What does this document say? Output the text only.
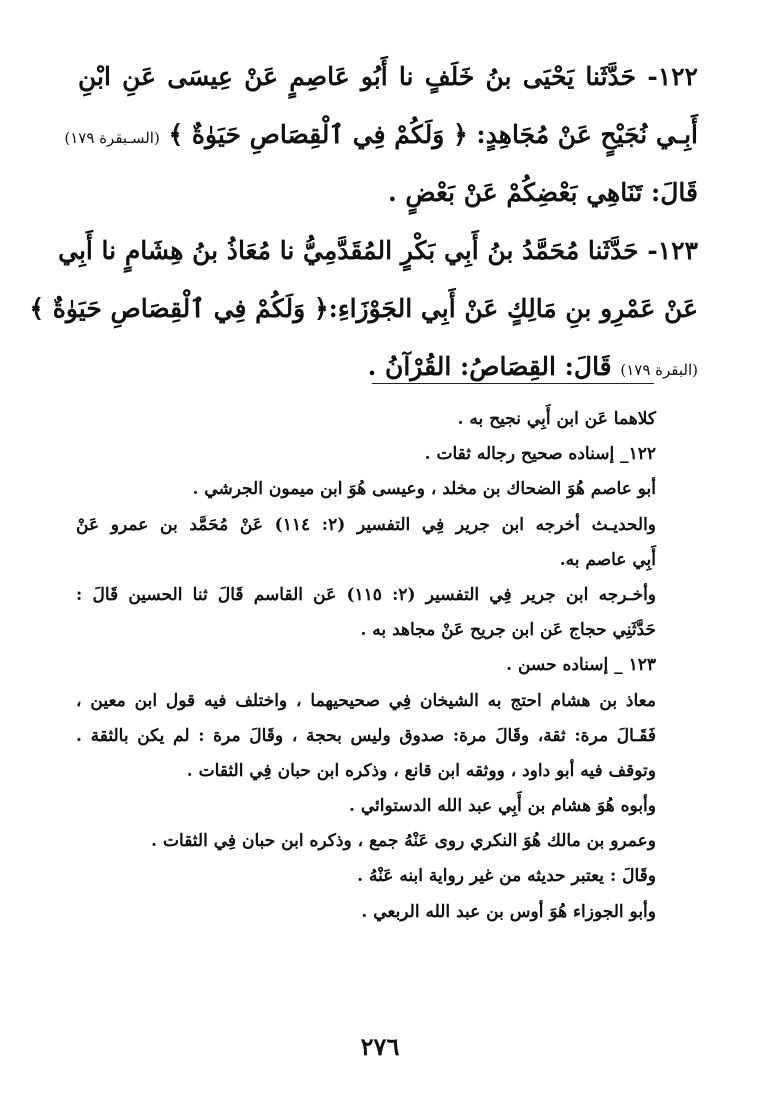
١٢٢- حَدَّثَنا يَحْيَى بنُ خَلَفٍ نا أَبُو عَاصِمٍ عَنْ عِيسَى عَنِ ابْنِ
أَبِـي نُجَيْحٍ عَنْ مُجَاهِدٍ: ﴿ وَلَكُمْ فِي ٱلْقِصَاصِ حَيَوٰةٌ ﴾ (السـبقرة ١٧٩)
قَالَ: تَنَاهِي بَعْضِكُمْ عَنْ بَعْضٍ .
١٢٣- حَدَّثَنا مُحَمَّدُ بنُ أَبِي بَكْرٍ المُقَدَّمِيُّ نا مُعَاذُ بنُ هِشَامٍ نا أَبِي
عَنْ عَمْرِو بنِ مَالِكٍ عَنْ أَبِي الجَوْزَاءِ:﴿ وَلَكُمْ فِي ٱلْقِصَاصِ حَيَوٰةٌ ﴾
(البقرة ١٧٩) قَالَ: القِصَاصُ: القُرْآنُ .
كلاهما عَن ابن أَبِي نجيح به .
١٢٢_ إسناده صحيح رجاله ثقات .
أبو عاصم هُوَ الضحاك بن مخلد ، وعيسى هُوَ ابن ميمون الجرشي .
والحديـث أخرجه ابن جرير فِي التفسير (٢: ١١٤) عَنْ مُحَمَّد بن عمرو عَنْ
أَبِي عاصم به.
وأخـرجه ابن جرير فِي التفسير (٢: ١١٥) عَن القاسم قَالَ ثنا الحسين قَالَ :
حَدَّثَنِي حجاج عَن ابن جريح عَنْ مجاهد به .
١٢٣ _ إسناده حسن .
معاذ بن هشام احتج به الشيخان فِي صحيحيهما ، واختلف فيه قول ابن معين ،
فَقَـالَ مرة: ثقة، وقَالَ مرة: صدوق وليس بحجة ، وقَالَ مرة : لم يكن بالثقة .
وتوقف فيه أبو داود ، ووثقه ابن قانع ، وذكره ابن حبان فِي الثقات .
وأبوه هُوَ هشام بن أَبِي عبد الله الدستوائي .
وعمرو بن مالك هُوَ النكري روى عَنْهُ جمع ، وذكره ابن حبان فِي الثقات .
وقَالَ : يعتبر حديثه من غير رواية ابنه عَنْهُ .
وأبو الجوزاء هُوَ أوس بن عبد الله الربعي .
٢٧٦
